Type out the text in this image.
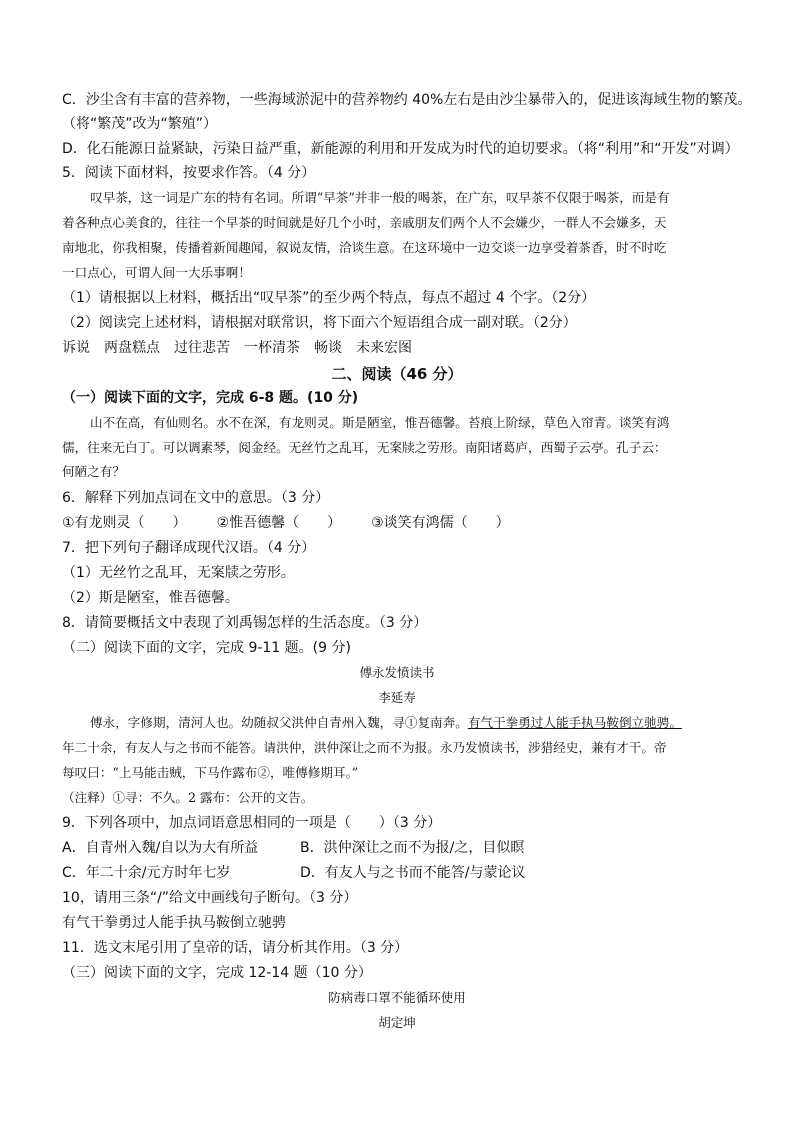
C．沙尘含有丰富的营养物，一些海域淤泥中的营养物约 40%左右是由沙尘暴带入的，促进该海域生物的繁茂。
（将“繁茂”改为“繁殖”）
D．化石能源日益紧缺，污染日益严重，新能源的利用和开发成为时代的迫切要求。（将“利用”和“开发”对调）
5．阅读下面材料，按要求作答。（4 分）
叹早茶，这一词是广东的特有名词。所谓“早茶”并非一般的喝茶，在广东，叹早茶不仅限于喝茶，而是有
着各种点心美食的，往往一个早茶的时间就是好几个小时，亲戚朋友们两个人不会嫌少，一群人不会嫌多，天
南地北，你我相聚，传播着新闻趣闻，叙说友情，洽谈生意。在这环境中一边交谈一边享受着茶香，时不时吃
一口点心，可谓人间一大乐事啊！
（1）请根据以上材料，概括出“叹早茶”的至少两个特点，每点不超过 4 个字。（2分）
（2）阅读完上述材料，请根据对联常识，将下面六个短语组合成一副对联。（2分）
诉说　两盘糕点　过往悲苦　一杯清茶　畅谈　未来宏图
二、阅读（46 分）
（一）阅读下面的文字，完成 6-8 题。(10 分)
山不在高，有仙则名。水不在深，有龙则灵。斯是陋室，惟吾德馨。苔痕上阶绿，草色入帘青。谈笑有鸿
儒，往来无白丁。可以调素琴，阅金经。无丝竹之乱耳，无案牍之劳形。南阳诸葛庐，西蜀子云亭。孔子云：
何陋之有？
6．解释下列加点词在文中的意思。（3 分）
①有龙则灵（　　） ②惟吾德馨（　　） ③谈笑有鸿儒（　　）
7．把下列句子翻译成现代汉语。（4 分）
（1）无丝竹之乱耳，无案牍之劳形。
（2）斯是陋室，惟吾德馨。
8．请简要概括文中表现了刘禹锡怎样的生活态度。（3 分）
（二）阅读下面的文字，完成 9-11 题。(9 分)
傅永发愤读书
李延寿
傅永，字修期，清河人也。幼随叔父洪仲自青州入魏，寻①复南奔。有气干拳勇过人能手执马鞍倒立驰骋。
年二十余，有友人与之书而不能答。请洪仲，洪仲深让之而不为报。永乃发愤读书，涉猎经史，兼有才干。帝
每叹曰：“上马能击贼，下马作露布②，唯傅修期耳。”
（注释）①寻：不久。2 露布：公开的文告。
9．下列各项中，加点词语意思相同的一项是（　　）（3 分）
A．自青州入魏/自以为大有所益	B．洪仲深让之而不为报/之，目似瞑
C．年二十余/元方时年七岁	D．有友人与之书而不能答/与蒙论议
10，请用三条“/”给文中画线句子断句。（3 分）
有气干拳勇过人能手执马鞍倒立驰骋
11．选文末尾引用了皇帝的话，请分析其作用。（3 分）
（三）阅读下面的文字，完成 12-14 题（10 分）
防病毒口罩不能循环使用
胡定坤
